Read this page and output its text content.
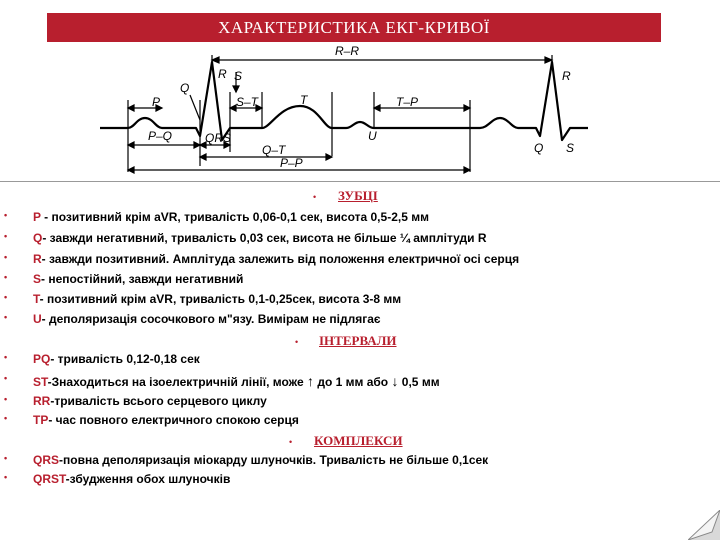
ХАРАКТЕРИСТИКА ЕКГ-КРИВОЇ
R–R
R S
Q
P	S–T	T	T–P
R
P–Q	QRS	U
Q–T
P–P
Q S
• ЗУБЦІ
• P - позитивний крім aVR, тривалість 0,06-0,1 сек, висота 0,5-2,5 мм
• Q- завжди негативний, тривалість 0,03 сек, висота не більше ¼ амплітуди R
• R- завжди позитивний. Амплітуда залежить від положення електричної осі серця
• S- непостійний, завжди негативний
• T- позитивний крім aVR, тривалість 0,1-0,25сек, висота 3-8 мм
• U- деполяризація сосочкового м"язу. Вимірам не підлягає
• ІНТЕРВАЛИ
• PQ- тривалість 0,12-0,18 сек
• ST-Знаходиться на ізоелектричній лінії, може ↑ до 1 мм або ↓ 0,5 мм
• RR-тривалість всього серцевого циклу
• TP- час повного електричного спокою серця
• КОМПЛЕКСИ
• QRS-повна деполяризація міокарду шлуночків. Тривалість не більше 0,1сек
• QRST-збудження обох шлуночків
